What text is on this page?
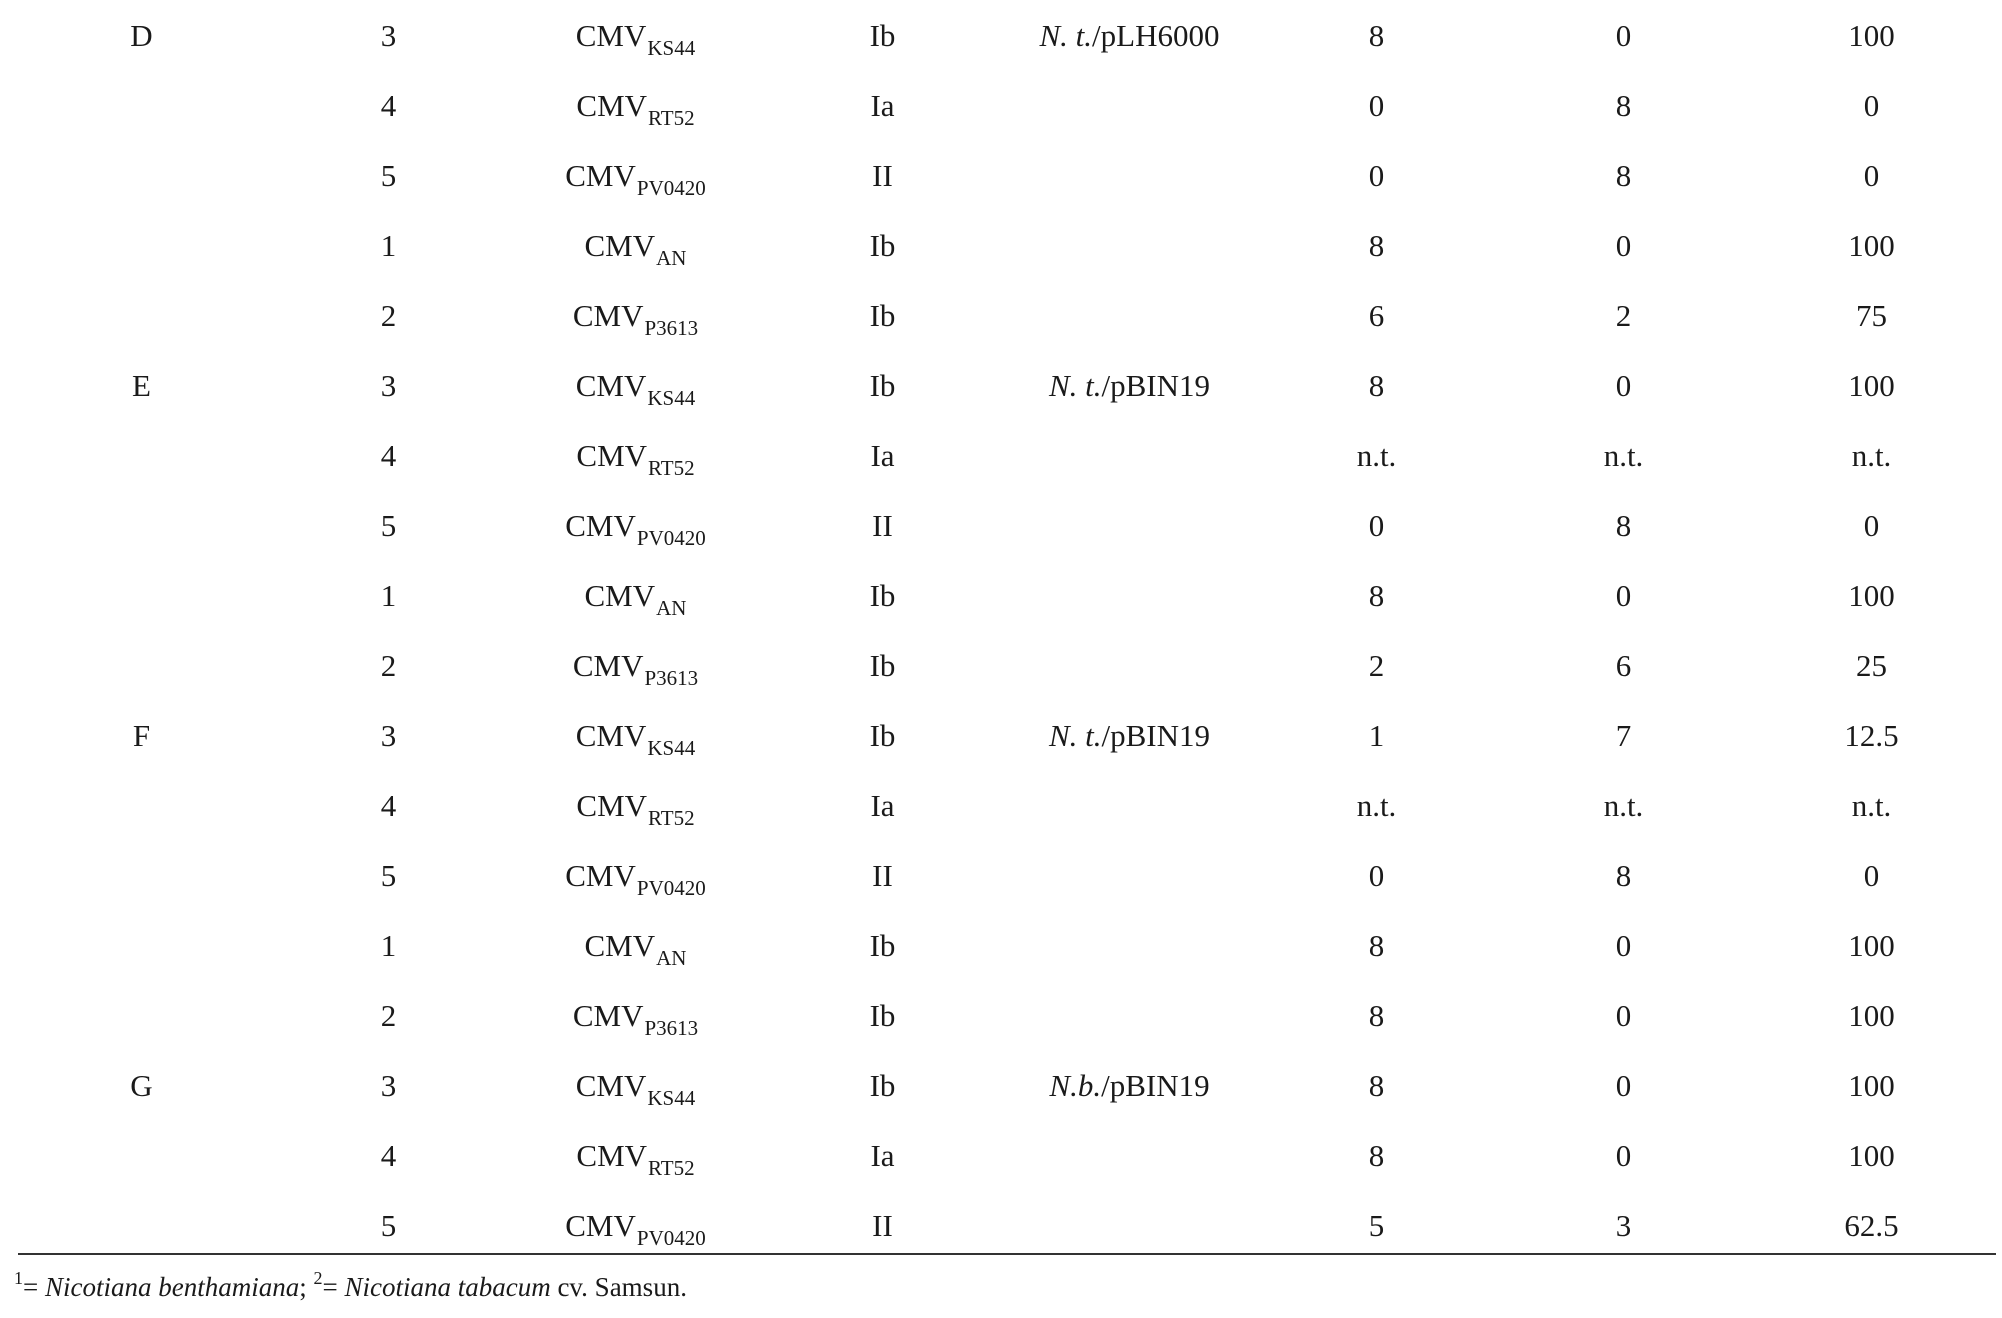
D	3	$CMV_{KS44}$	Ib	N. t./pLH6000	8	0	100
	4	$CMV_{RT52}$	Ia		0	8	0
	5	$CMV_{PV0420}$	II		0	8	0
	1	$CMV_{AN}$	Ib		8	0	100
	2	$CMV_{P3613}$	Ib		6	2	75
E	3	$CMV_{KS44}$	Ib	N. t./pBIN19	8	0	100
	4	$CMV_{RT52}$	Ia		n.t.	n.t.	n.t.
	5	$CMV_{PV0420}$	II		0	8	0
	1	$CMV_{AN}$	Ib		8	0	100
	2	$CMV_{P3613}$	Ib		2	6	25
F	3	$CMV_{KS44}$	Ib	N. t./pBIN19	1	7	12.5
	4	$CMV_{RT52}$	Ia		n.t.	n.t.	n.t.
	5	$CMV_{PV0420}$	II		0	8	0
	1	$CMV_{AN}$	Ib		8	0	100
	2	$CMV_{P3613}$	Ib		8	0	100
G	3	$CMV_{KS44}$	Ib	N.b./pBIN19	8	0	100
	4	$CMV_{RT52}$	Ia		8	0	100
	5	$CMV_{PV0420}$	II		5	3	62.5
$^1$= Nicotiana benthamiana; $^2$= Nicotiana tabacum cv. Samsun.
